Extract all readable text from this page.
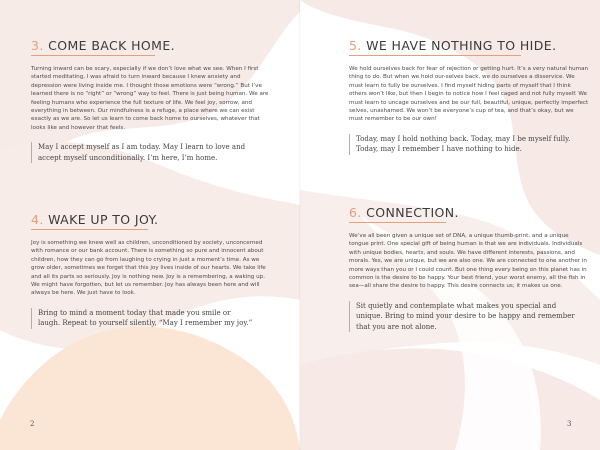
3. COME BACK HOME.

Turning inward can be scary, especially if we don’t love what we see. When I first started meditating, I was afraid to turn inward because I knew anxiety and depression were living inside me. I thought those emotions were “wrong.” But I’ve learned there is no “right” or “wrong” way to feel. There is just being human. We are feeling humans who experience the full texture of life. We feel joy, sorrow, and everything in between. Our mindfulness is a refuge, a place where we can exist exactly as we are. So let us learn to come back home to ourselves, whatever that looks like and however that feels.

May I accept myself as I am today. May I learn to love and accept myself unconditionally. I’m here, I’m home.

4. WAKE UP TO JOY.

Joy is something we knew well as children, unconditioned by society, unconcerned with romance or our bank account. There is something so pure and innocent about children, how they can go from laughing to crying in just a moment’s time. As we grow older, sometimes we forget that this joy lives inside of our hearts. We take life and all its parts so seriously. Joy is nothing new. Joy is a remembering, a waking up. We might have forgotten, but let us remember. Joy has always been here and will always be here. We just have to look.

Bring to mind a moment today that made you smile or laugh. Repeat to yourself silently, “May I remember my joy.”

2
5. WE HAVE NOTHING TO HIDE.

We hold ourselves back for fear of rejection or getting hurt. It’s a very natural human thing to do. But when we hold our-selves back, we do ourselves a disservice. We must learn to fully be ourselves. I find myself hiding parts of myself that I think others won’t like, but then I begin to notice how I feel caged and not fully myself. We must learn to uncage ourselves and be our full, beautiful, unique, perfectly imperfect selves, unashamed. We won’t be everyone’s cup of tea, and that’s okay, but we must remember to be our own!

Today, may I hold nothing back. Today, may I be myself fully. Today, may I remember I have nothing to hide.

6. CONNECTION.

We’ve all been given a unique set of DNA, a unique thumb-print, and a unique tongue print. One special gift of being human is that we are individuals. Individuals with unique bodies, hearts, and souls. We have different interests, passions, and morals. Yes, we are unique, but we are also one. We are connected to one another in more ways than you or I could count. But one thing every being on this planet has in common is the desire to be happy. Your best friend, your worst enemy, all the fish in sea—all share the desire to happy. This desire connects us; it makes us one.

Sit quietly and contemplate what makes you special and unique. Bring to mind your desire to be happy and remember that you are not alone.

3
